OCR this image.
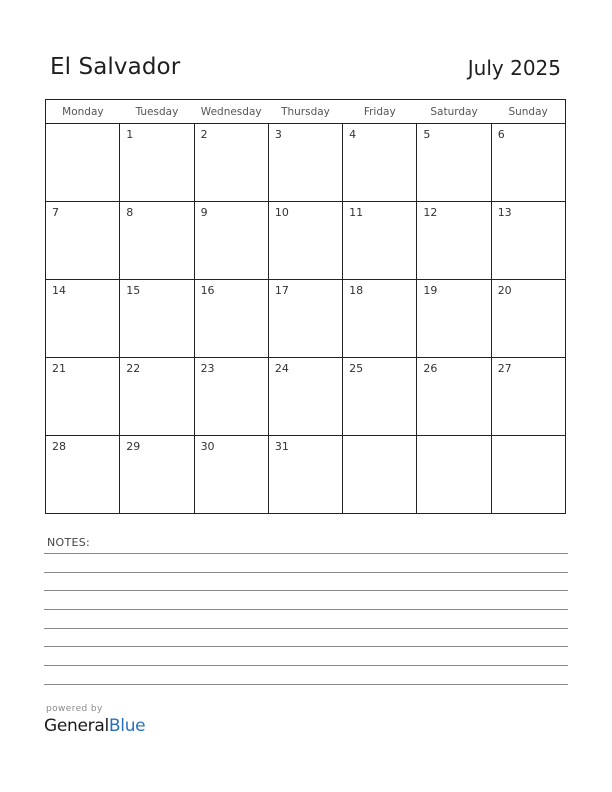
El Salvador	July 2025
Monday	Tuesday	Wednesday	Thursday	Friday	Saturday	Sunday

	1	2	3	4	5	6

7	8	9	10	11	12	13

14	15	16	17	18	19	20

21	22	23	24	25	26	27

28	29	30	31			

NOTES:
powered by
GeneralBlue
